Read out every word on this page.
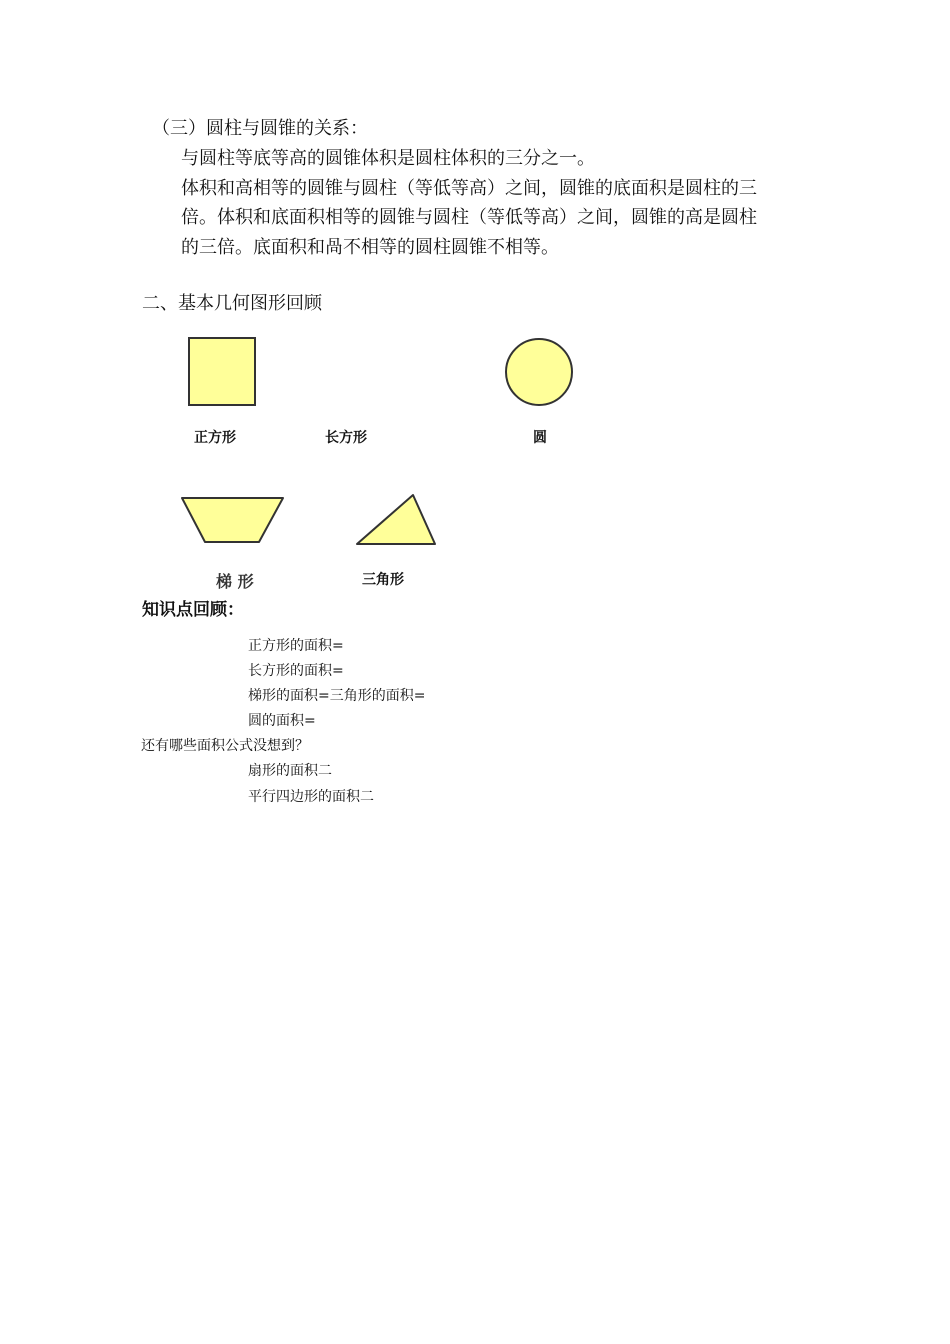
（三）圆柱与圆锥的关系：
与圆柱等底等高的圆锥体积是圆柱体积的三分之一。
体积和高相等的圆锥与圆柱（等低等高）之间，圆锥的底面积是圆柱的三
倍。体积和底面积相等的圆锥与圆柱（等低等高）之间，圆锥的高是圆柱
的三倍。底面积和咼不相等的圆柱圆锥不相等。
二、基本几何图形回顾
正方形	长方形	圆
梯 形	三角形
知识点回顾：
正方形的面积=
长方形的面积=
梯形的面积=三角形的面积=
圆的面积=
还有哪些面积公式没想到？
扇形的面积二
平行四边形的面积二
